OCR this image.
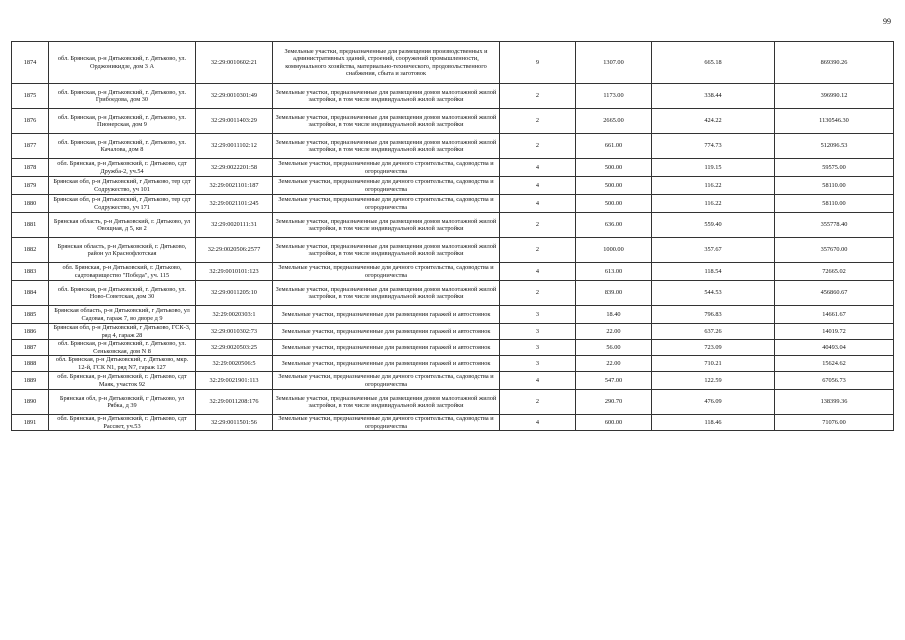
99
1874	обл. Брянская, р-н Дятьковский, г. Дятьково, ул. Орджоникидзе, дом 3 А	32:29:0010602:21	Земельные участки, предназначенные для размещения производственных и административных зданий, строений, сооружений промышленности, коммунального хозяйства, материально-технического, продовольственного снабжения, сбыта и заготовок	9	1307.00	665.18	869390.26
1875	обл. Брянская, р-н Дятьковский, г. Дятьково, ул. Грибоедова, дом 30	32:29:0010301:49	Земельные участки, предназначенные для размещения домов малоэтажной жилой застройки, в том числе индивидуальной жилой застройки	2	1173.00	338.44	396990.12
1876	обл. Брянская, р-н Дятьковский, г. Дятьково, ул. Пионерская, дом 9	32:29:0011403:29	Земельные участки, предназначенные для размещения домов малоэтажной жилой застройки, в том числе индивидуальной жилой застройки	2	2665.00	424.22	1130546.30
1877	обл. Брянская, р-н Дятьковский, г. Дятьково, ул. Качалова, дом 8	32:29:0011102:12	Земельные участки, предназначенные для размещения домов малоэтажной жилой застройки, в том числе индивидуальной жилой застройки	2	661.00	774.73	512096.53
1878	обл. Брянская, р-н Дятьковский, г. Дятьково, сдт Дружба-2, уч.54	32:29:0022201:58	Земельные участки, предназначенные для дачного строительства, садоводства и огородничества	4	500.00	119.15	59575.00
1879	Брянская обл, р-н Дятьковский, г Дятьково, тер сдт Содружество, уч 101	32:29:0021101:187	Земельные участки, предназначенные для дачного строительства, садоводства и огородничества	4	500.00	116.22	58110.00
1880	Брянская обл, р-н Дятьковский, г Дятьково, тер сдт Содружество, уч 171	32:29:0021101:245	Земельные участки, предназначенные для дачного строительства, садоводства и огородничества	4	500.00	116.22	58110.00
1881	Брянская область, р-н Дятьковский, г. Дятьково, ул Овощная, д 5, кв 2	32:29:0020111:31	Земельные участки, предназначенные для размещения домов малоэтажной жилой застройки, в том числе индивидуальной жилой застройки	2	636.00	559.40	355778.40
1882	Брянская область, р-н Дятьковский, г. Дятьково, район ул Краснофлотская	32:29:0020506:2577	Земельные участки, предназначенные для размещения домов малоэтажной жилой застройки, в том числе индивидуальной жилой застройки	2	1000.00	357.67	357670.00
1883	обл. Брянская, р-н Дятьковский, г. Дятьково, садтоварищество "Победа", уч. 115	32:29:0010101:123	Земельные участки, предназначенные для дачного строительства, садоводства и огородничества	4	613.00	118.54	72665.02
1884	обл. Брянская, р-н Дятьковский, г. Дятьково, ул. Ново-Советская, дом 30	32:29:0011205:10	Земельные участки, предназначенные для размещения домов малоэтажной жилой застройки, в том числе индивидуальной жилой застройки	2	839.00	544.53	456860.67
1885	Брянская область, р-н Дятьковский, г Дятьково, ул Садовая, гараж 7, во дворе д 9	32:29:0020303:1	Земельные участки, предназначенные для размещения гаражей и автостоянок	3	18.40	796.83	14661.67
1886	Брянская обл, р-н Дятьковский, г Дятьково, ГСК-3, ряд 4, гараж 28	32:29:0010302:73	Земельные участки, предназначенные для размещения гаражей и автостоянок	3	22.00	637.26	14019.72
1887	обл. Брянская, р-н Дятьковский, г. Дятьково, ул. Сеньковская, дом N 8	32:29:0020503:25	Земельные участки, предназначенные для размещения гаражей и автостоянок	3	56.00	723.09	40493.04
1888	обл. Брянская, р-н Дятьковский, г. Дятьково, мкр. 12-й, ГСК N1, ряд N7, гараж 127	32:29:0020506:5	Земельные участки, предназначенные для размещения гаражей и автостоянок	3	22.00	710.21	15624.62
1889	обл. Брянская, р-н Дятьковский, г. Дятьково, сдт Маяк, участок 92	32:29:0021901:113	Земельные участки, предназначенные для дачного строительства, садоводства и огородничества	4	547.00	122.59	67056.73
1890	Брянская обл, р-н Дятьковский, г Дятьково, ул Рябка, д 39	32:29:0011208:176	Земельные участки, предназначенные для размещения домов малоэтажной жилой застройки, в том числе индивидуальной жилой застройки	2	290.70	476.09	138399.36
1891	обл. Брянская, р-н Дятьковский, г. Дятьково, сдт Рассвет, уч.53	32:29:0011501:56	Земельные участки, предназначенные для дачного строительства, садоводства и огородничества	4	600.00	118.46	71076.00
